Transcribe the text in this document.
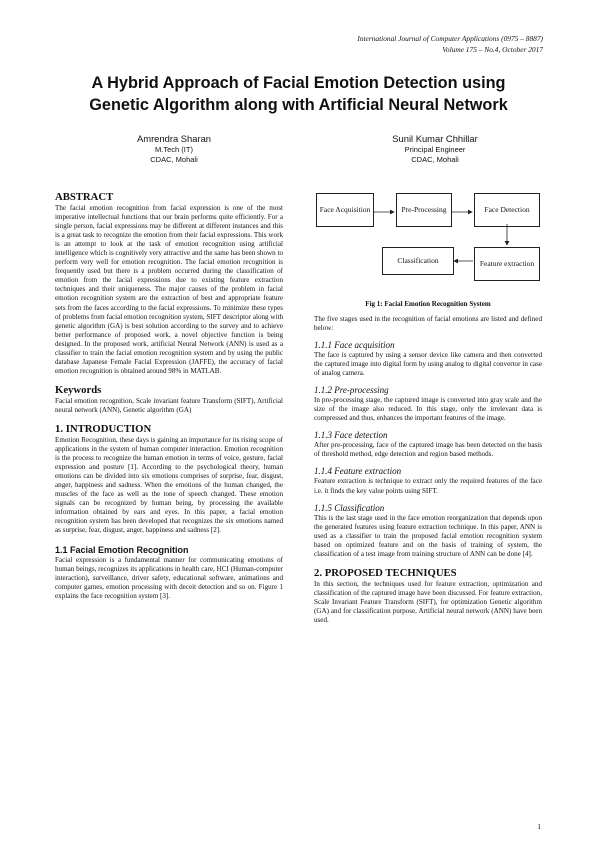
International Journal of Computer Applications (0975 – 8887)
Volume 175 – No.4, October 2017
A Hybrid Approach of Facial Emotion Detection using
Genetic Algorithm along with Artificial Neural Network
Amrendra Sharan
M.Tech (IT)
CDAC, Mohali
Sunil Kumar Chhillar
Principal Engineer
CDAC, Mohali
ABSTRACT

The facial emotion recognition from facial expression is one of the most imperative intellectual functions that our brain performs quite efficiently. For a single person, facial expressions may be different at different instances and this is a great task to recognize the emotion from their facial expressions. This work is an attempt to look at the task of emotion recognition using artificial intelligence which is cognitively very attractive and the same has been shown to perform very well for emotion recognition. The facial emotion recognition is frequently used but there is a problem occurred during the classification of emotion from the facial expressions due to existing feature extraction techniques and their uniqueness. The major causes of the problem in facial emotion recognition system are the extraction of best and appropriate feature sets from the faces according to the facial expressions. To minimize these types of problems from facial emotion recognition system, SIFT descriptor along with genetic algorithm (GA) is best solution according to the survey and to achieve better performance of proposed work, a novel objective function is being designed. In the proposed work, artificial Neural Network (ANN) is used as a classifier to train the facial emotion recognition system and by using the public database Japanese Female Facial Expression (JAFFE), the accuracy of facial emotion recognition is obtained around 98% in MATLAB.

Keywords

Facial emotion recognition, Scale invariant feature Transform (SIFT), Artificial neural network (ANN), Genetic algorithm (GA)

1. INTRODUCTION

Emotion Recognition, these days is gaining an importance for its rising scope of applications in the system of human computer interaction. Emotion recognition is the process to recognize the human emotion in terms of voice, gesture, facial expression and posture [1]. According to the psychological theory, human emotions can be divided into six emotions comprises of surprise, fear, disgust, anger, happiness and sadness. When the emotions of the human changed, the muscles of the face as well as the tone of speech changed. These emotion signals can be recognized by human being, by processing the available information obtained by ears and eyes. In this paper, a facial emotion recognition system has been developed that recognizes the six emotions named as surprise, fear, disgust, anger, happiness and sadness [2].

1.1 Facial Emotion Recognition

Facial expression is a fundamental manner for communicating emotions of human beings, recognizes its applications in health care, HCI (Human-computer interaction), surveillance, driver safety, educational software, animations and computer games, emotion processing with deceit detection and so on. Figure 1 explains the face recognition system [3].

Face Acquisition	Pre-Processing	Face Detection
Classification	Feature extraction
Fig 1: Facial Emotion Recognition System

The five stages used in the recognition of facial emotions are listed and defined below:

1.1.1 Face acquisition

The face is captured by using a sensor device like camera and then converted the captured image into digital form by using analog to digital convertor in case of analog camera.

1.1.2 Pre-processing

In pre-processing stage, the captured image is converted into gray scale and the size of the image also reduced. In this stage, only the irrelevant data is compressed and thus, enhances the important features of the image.

1.1.3 Face detection

After pre-processing, face of the captured image has been detected on the basis of threshold method, edge detection and region based methods.

1.1.4 Feature extraction

Feature extraction is technique to extract only the required features of the face i.e. it finds the key value points using SIFT.

1.1.5 Classification

This is the last stage used in the face emotion reorganization that depends upon the generated features using feature extraction technique. In this paper, ANN is used as a classifier to train the proposed facial emotion recognition system based on optimized feature and on the basis of training of system, the classification of a test image from training structure of ANN can be done [4].

2. PROPOSED TECHNIQUES

In this section, the techniques used for feature extraction, optimization and classification of the captured image have been discussed. For feature extraction, Scale Invariant Feature Transform (SIFT), for optimization Genetic algorithm (GA) and for classification purpose, Artificial neural network (ANN) have been used.

1
